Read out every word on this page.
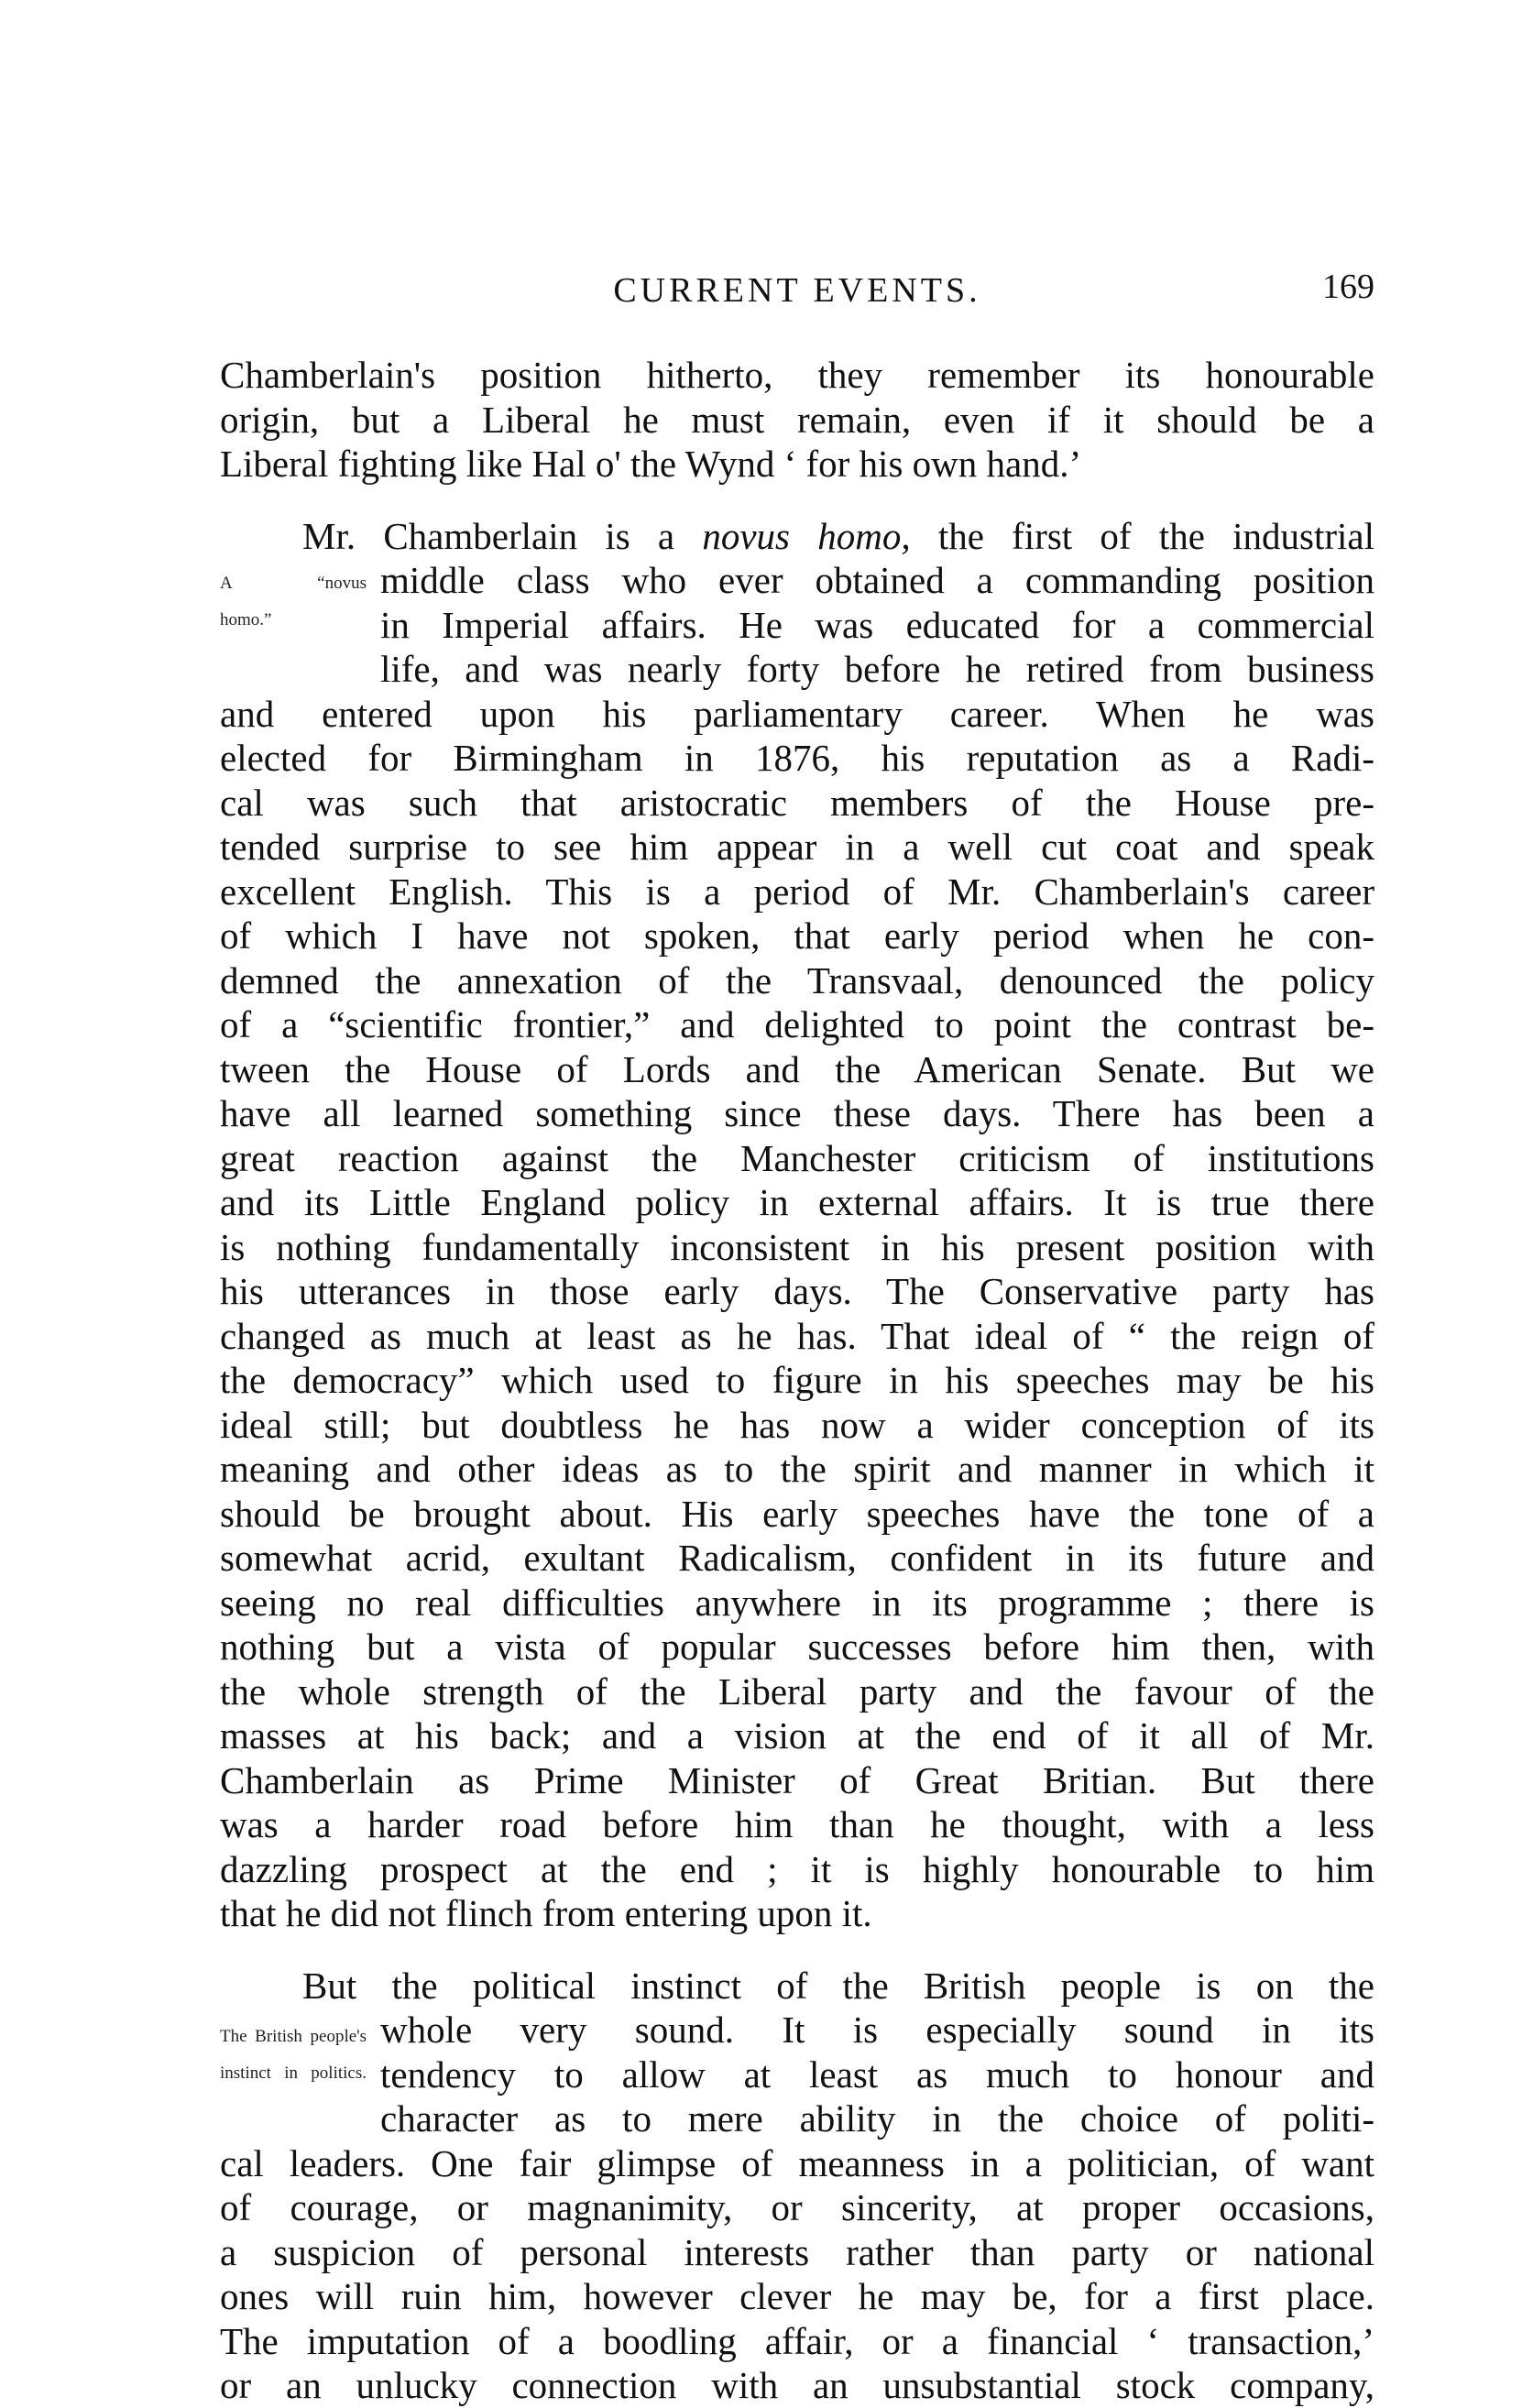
CURRENT EVENTS.	169
Chamberlain's position hitherto, they remember its honourable
origin, but a Liberal he must remain, even if it should be a
Liberal fighting like Hal o' the Wynd ‘ for his own hand.’
Mr. Chamberlain is a novus homo, the first of the industrial
A “novus
homo.”
middle class who ever obtained a commanding position
in Imperial affairs. He was educated for a commercial
life, and was nearly forty before he retired from business
and entered upon his parliamentary career. When he was
elected for Birmingham in 1876, his reputation as a Radi-
cal was such that aristocratic members of the House pre-
tended surprise to see him appear in a well cut coat and speak
excellent English. This is a period of Mr. Chamberlain's career
of which I have not spoken, that early period when he con-
demned the annexation of the Transvaal, denounced the policy
of a “scientific frontier,” and delighted to point the contrast be-
tween the House of Lords and the American Senate. But we
have all learned something since these days. There has been a
great reaction against the Manchester criticism of institutions
and its Little England policy in external affairs. It is true there
is nothing fundamentally inconsistent in his present position with
his utterances in those early days. The Conservative party has
changed as much at least as he has. That ideal of “ the reign of
the democracy” which used to figure in his speeches may be his
ideal still; but doubtless he has now a wider conception of its
meaning and other ideas as to the spirit and manner in which it
should be brought about. His early speeches have the tone of a
somewhat acrid, exultant Radicalism, confident in its future and
seeing no real difficulties anywhere in its programme ; there is
nothing but a vista of popular successes before him then, with
the whole strength of the Liberal party and the favour of the
masses at his back; and a vision at the end of it all of Mr.
Chamberlain as Prime Minister of Great Britian. But there
was a harder road before him than he thought, with a less
dazzling prospect at the end ; it is highly honourable to him
that he did not flinch from entering upon it.
But the political instinct of the British people is on the
The British people's
instinct in politics.
whole very sound. It is especially sound in its
tendency to allow at least as much to honour and
character as to mere ability in the choice of politi-
cal leaders. One fair glimpse of meanness in a politician, of want
of courage, or magnanimity, or sincerity, at proper occasions,
a suspicion of personal interests rather than party or national
ones will ruin him, however clever he may be, for a first place.
The imputation of a boodling affair, or a financial ‘ transaction,’
or an unlucky connection with an unsubstantial stock company,
